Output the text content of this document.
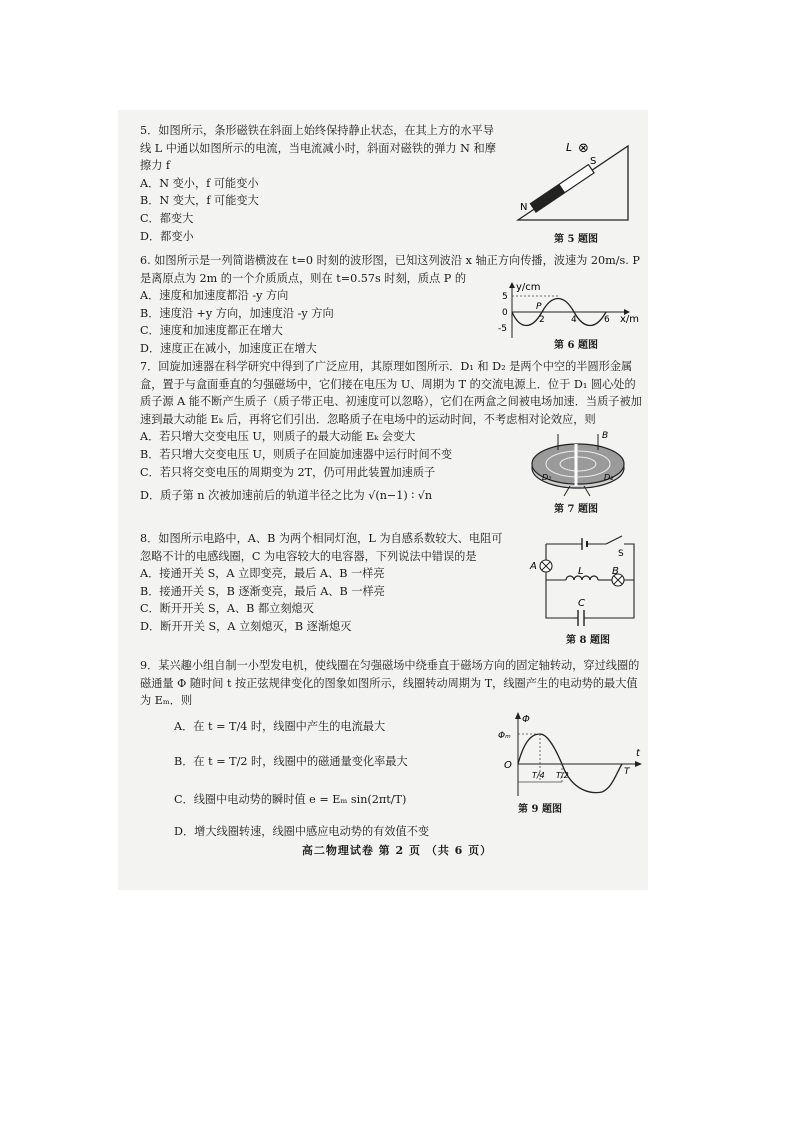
5．如图所示，条形磁铁在斜面上始终保持静止状态，在其上方的水平导线 L 中通以如图所示的电流，当电流减小时，斜面对磁铁的弹力 N 和摩擦力 f

A．N 变小，f 可能变小

B．N 变大，f 可能变大

C．都变大

D．都变小

L ⊗
S
N
第 5 题图

6. 如图所示是一列简谐横波在 t=0 时刻的波形图，已知这列波沿 x 轴正方向传播，波速为 20m/s. P 是离原点为 2m 的一个介质质点，则在 t=0.57s 时刻，质点 P 的

A．速度和加速度都沿 -y 方向

B．速度沿 +y 方向，加速度沿 -y 方向

C．速度和加速度都正在增大

D．速度正在减小，加速度正在增大

y/cm
5
0
-5
2	4	6
P
x/m
第 6 题图

7．回旋加速器在科学研究中得到了广泛应用，其原理如图所示．D₁ 和 D₂ 是两个中空的半圆形金属盒，置于与盒面垂直的匀强磁场中，它们接在电压为 U、周期为 T 的交流电源上．位于 D₁ 圆心处的质子源 A 能不断产生质子（质子带正电、初速度可以忽略），它们在两盒之间被电场加速．当质子被加速到最大动能 Eₖ 后，再将它们引出．忽略质子在电场中的运动时间，不考虑相对论效应，则

A．若只增大交变电压 U，则质子的最大动能 Eₖ 会变大

B．若只增大交变电压 U，则质子在回旋加速器中运行时间不变

C．若只将交变电压的周期变为 2T，仍可用此装置加速质子

D．质子第 n 次被加速前后的轨道半径之比为 √(n−1) ∶ √n

B
D₁	D₂
第 7 题图

8．如图所示电路中，A、B 为两个相同灯泡，L 为自感系数较大、电阻可忽略不计的电感线圈，C 为电容较大的电容器，下列说法中错误的是

A．接通开关 S，A 立即变亮，最后 A、B 一样亮

B．接通开关 S，B 逐渐变亮，最后 A、B 一样亮

C．断开开关 S，A、B 都立刻熄灭

D．断开开关 S，A 立刻熄灭，B 逐渐熄灭

S
A	L	B
C
第 8 题图

9．某兴趣小组自制一小型发电机，使线圈在匀强磁场中绕垂直于磁场方向的固定轴转动，穿过线圈的磁通量 Φ 随时间 t 按正弦规律变化的图象如图所示，线圈转动周期为 T，线圈产生的电动势的最大值为 Eₘ．则

A．在 t = T/4 时，线圈中产生的电流最大

B．在 t = T/2 时，线圈中的磁通量变化率最大

C．线圈中电动势的瞬时值 e = Eₘ sin(2πt/T)

D．增大线圈转速，线圈中感应电动势的有效值不变

Φ
Φₘ
O
t
T/4 T/2	T
第 9 题图
高二物理试卷 第 2 页 （共 6 页）
